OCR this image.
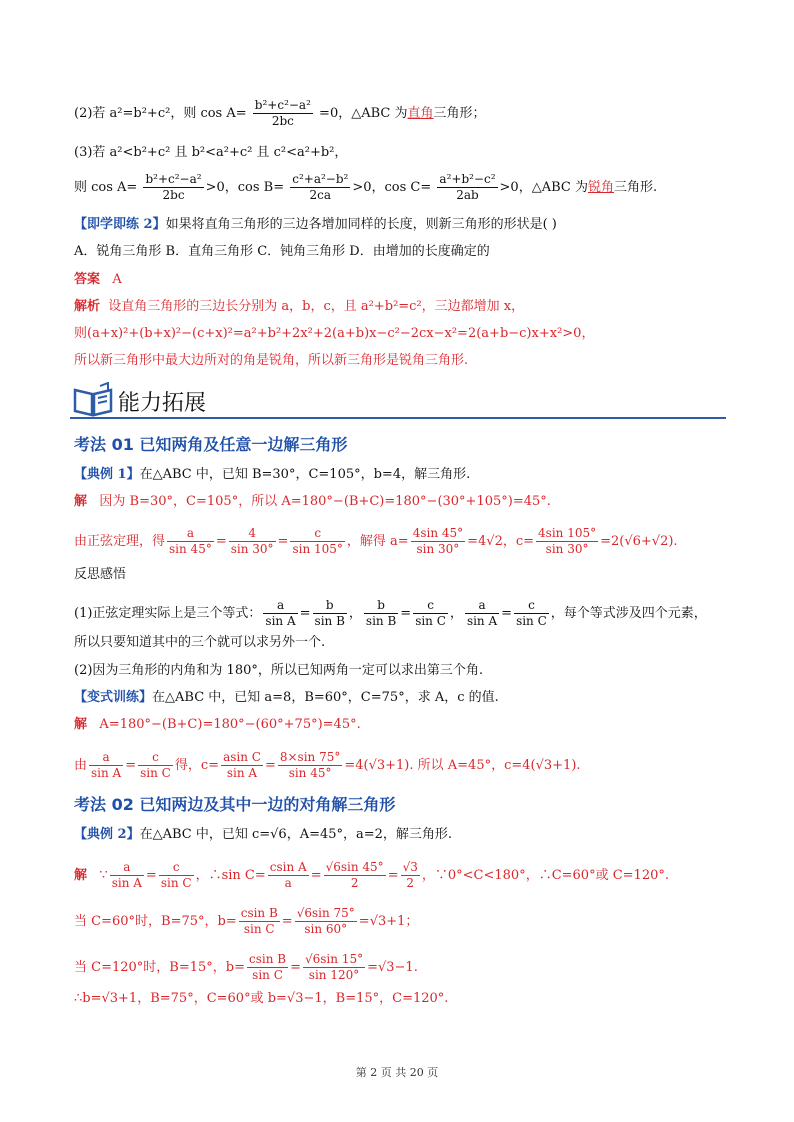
(2)若 a²=b²+c²，则 $\cos A= \frac{\text{b²+c²−a²}}{2bc} =0$，△ABC 为直角三角形；
(3)若 a²<b²+c² 且 b²<a²+c² 且 c²<a²+b²，
则 $\cos A= \frac{\text{b²+c²−a²}}{2bc} >0$，$\cos B= \frac{\text{c²+a²−b²}}{2ca} >0$，$\cos C= \frac{\text{a²+b²−c²}}{2ab} >0$，△ABC 为锐角三角形.
【即学即练 2】如果将直角三角形的三边各增加同样的长度，则新三角形的形状是( )
A．锐角三角形 B．直角三角形 C．钝角三角形 D．由增加的长度确定的
答案 A
解析 设直角三角形的三边长分别为 a，b，c，且 a²+b²=c²，三边都增加 x，
则(a+x)²+(b+x)²−(c+x)²=a²+b²+2x²+2(a+b)x−c²−2cx−x²=2(a+b−c)x+x²>0，
所以新三角形中最大边所对的角是锐角，所以新三角形是锐角三角形.
能力拓展
考法 01 已知两角及任意一边解三角形
【典例 1】在△ABC 中，已知 B=30°，C=105°，b=4，解三角形.
解 因为 B=30°，C=105°，所以 A=180°−(B+C)=180°−(30°+105°)=45°.
由正弦定理，得 $\frac{a}{\sin 45^\circ} = \frac{4}{\sin 30^\circ} = \frac{c}{\sin 105^\circ}$ ，解得 $a= \frac{4\sin 45^\circ}{\sin 30^\circ} =4√2$，$c= \frac{4\sin 105^\circ}{\sin 30^\circ} =2(√6+√2)$.
反思感悟
(1)正弦定理实际上是三个等式： $\frac{a}{\text{sin A}} = \frac{b}{\text{sin B}}$ ， $\frac{b}{\text{sin B}} = \frac{c}{\text{sin C}}$ ， $\frac{a}{\text{sin A}} = \frac{c}{\text{sin C}}$ ，每个等式涉及四个元素，
所以只要知道其中的三个就可以求另外一个.
(2)因为三角形的内角和为 180°，所以已知两角一定可以求出第三个角.
【变式训练】在△ABC 中，已知 a=8，B=60°，C=75°，求 A，c 的值.
解 A=180°−(B+C)=180°−(60°+75°)=45°.
由 $\frac{a}{\text{sin A}} = \frac{c}{\text{sin C}}$ 得，$c= \frac{\text{asin C}}{\text{sin A}} = \frac{8\times\sin 75^\circ}{\sin 45^\circ} =4(√3+1)$. 所以 A=45°，c=4(√3+1).
考法 02 已知两边及其中一边的对角解三角形
【典例 2】在△ABC 中，已知 c=√6，A=45°，a=2，解三角形.
解 ∵ $\frac{a}{\text{sin A}} = \frac{c}{\text{sin C}}$ ，∴sin $C= \frac{\text{csin A}}{a} = \frac{√6\sin 45^\circ}{2} = \frac{√3}{2}$ ，∵0°<C<180°，∴C=60°或 C=120°.
当 C=60°时，B=75°，$b= \frac{\text{csin B}}{\text{sin C}} = \frac{√6\sin 75^\circ}{\sin 60^\circ} =√3+1$；
当 C=120°时，B=15°，$b= \frac{\text{csin B}}{\text{sin C}} = \frac{√6\sin 15^\circ}{\sin 120^\circ} =√3-1$.
∴b=√3+1，B=75°，C=60°或 b=√3−1，B=15°，C=120°.
第 2 页 共 20 页
